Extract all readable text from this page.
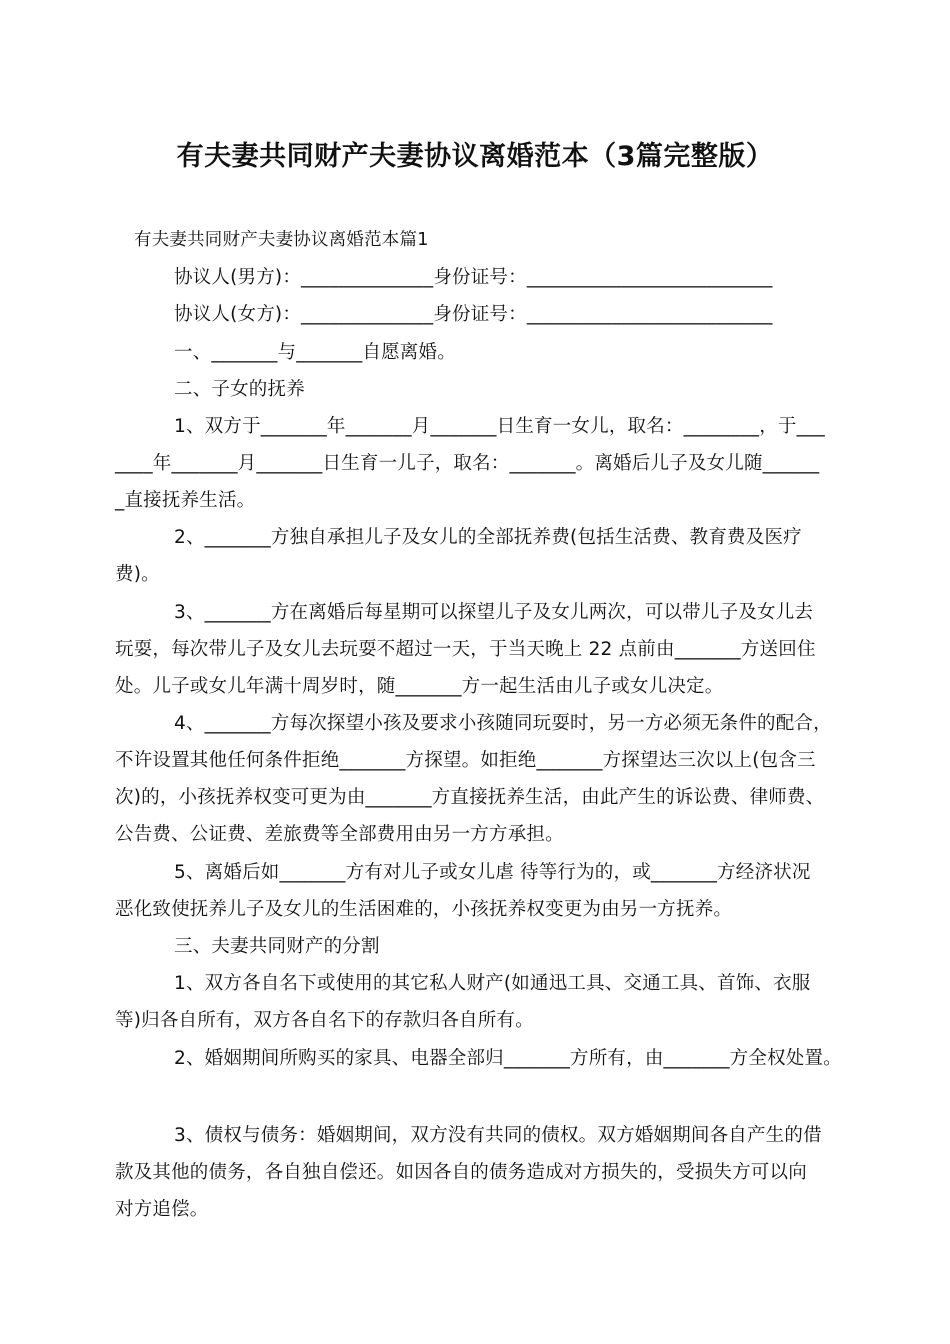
有夫妻共同财产夫妻协议离婚范本（3篇完整版）
有夫妻共同财产夫妻协议离婚范本篇1
协议人(男方)：______________身份证号：__________________________
协议人(女方)：______________身份证号：__________________________
一、_______与_______自愿离婚。
二、子女的抚养
1、双方于_______年_______月_______日生育一女儿，取名：________，于___
____年_______月_______日生育一儿子，取名：_______。离婚后儿子及女儿随______
_直接抚养生活。
2、_______方独自承担儿子及女儿的全部抚养费(包括生活费、教育费及医疗
费)。
3、_______方在离婚后每星期可以探望儿子及女儿两次，可以带儿子及女儿去
玩耍，每次带儿子及女儿去玩耍不超过一天，于当天晚上 22 点前由_______方送回住
处。儿子或女儿年满十周岁时，随_______方一起生活由儿子或女儿决定。
4、_______方每次探望小孩及要求小孩随同玩耍时，另一方必须无条件的配合，
不许设置其他任何条件拒绝_______方探望。如拒绝_______方探望达三次以上(包含三
次)的，小孩抚养权变可更为由_______方直接抚养生活，由此产生的诉讼费、律师费、
公告费、公证费、差旅费等全部费用由另一方方承担。
5、离婚后如_______方有对儿子或女儿虐 待等行为的，或_______方经济状况
恶化致使抚养儿子及女儿的生活困难的，小孩抚养权变更为由另一方抚养。
三、夫妻共同财产的分割
1、双方各自名下或使用的其它私人财产(如通迅工具、交通工具、首饰、衣服
等)归各自所有，双方各自名下的存款归各自所有。
2、婚姻期间所购买的家具、电器全部归_______方所有，由_______方全权处置。
3、债权与债务：婚姻期间，双方没有共同的债权。双方婚姻期间各自产生的借
款及其他的债务，各自独自偿还。如因各自的债务造成对方损失的，受损失方可以向
对方追偿。
